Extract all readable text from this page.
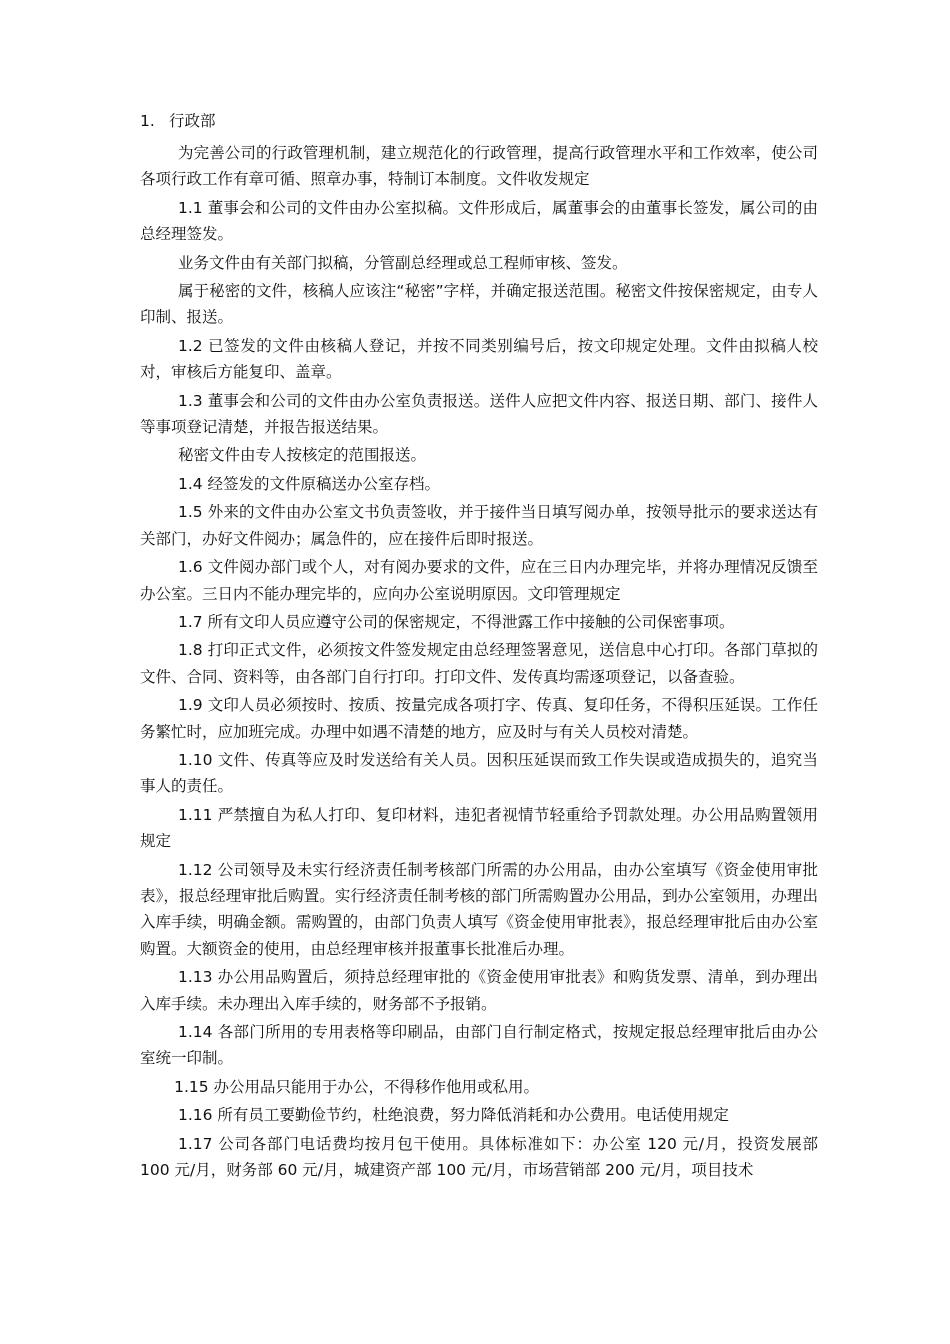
1. 行政部

为完善公司的行政管理机制，建立规范化的行政管理，提高行政管理水平和工作效率，使公司各项行政工作有章可循、照章办事，特制订本制度。文件收发规定

1.1 董事会和公司的文件由办公室拟稿。文件形成后，属董事会的由董事长签发，属公司的由总经理签发。

业务文件由有关部门拟稿，分管副总经理或总工程师审核、签发。

属于秘密的文件，核稿人应该注“秘密”字样，并确定报送范围。秘密文件按保密规定，由专人印制、报送。

1.2 已签发的文件由核稿人登记，并按不同类别编号后，按文印规定处理。文件由拟稿人校对，审核后方能复印、盖章。

1.3 董事会和公司的文件由办公室负责报送。送件人应把文件内容、报送日期、部门、接件人等事项登记清楚，并报告报送结果。

秘密文件由专人按核定的范围报送。

1.4 经签发的文件原稿送办公室存档。

1.5 外来的文件由办公室文书负责签收，并于接件当日填写阅办单，按领导批示的要求送达有关部门，办好文件阅办；属急件的，应在接件后即时报送。

1.6 文件阅办部门或个人，对有阅办要求的文件，应在三日内办理完毕，并将办理情况反馈至办公室。三日内不能办理完毕的，应向办公室说明原因。文印管理规定

1.7 所有文印人员应遵守公司的保密规定，不得泄露工作中接触的公司保密事项。

1.8 打印正式文件，必须按文件签发规定由总经理签署意见，送信息中心打印。各部门草拟的文件、合同、资料等，由各部门自行打印。打印文件、发传真均需逐项登记，以备查验。

1.9 文印人员必须按时、按质、按量完成各项打字、传真、复印任务，不得积压延误。工作任务繁忙时，应加班完成。办理中如遇不清楚的地方，应及时与有关人员校对清楚。

1.10 文件、传真等应及时发送给有关人员。因积压延误而致工作失误或造成损失的，追究当事人的责任。

1.11 严禁擅自为私人打印、复印材料，违犯者视情节轻重给予罚款处理。办公用品购置领用规定

1.12 公司领导及未实行经济责任制考核部门所需的办公用品，由办公室填写《资金使用审批表》，报总经理审批后购置。实行经济责任制考核的部门所需购置办公用品，到办公室领用，办理出入库手续，明确金额。需购置的，由部门负责人填写《资金使用审批表》，报总经理审批后由办公室购置。大额资金的使用，由总经理审核并报董事长批准后办理。

1.13 办公用品购置后，须持总经理审批的《资金使用审批表》和购货发票、清单，到办理出入库手续。未办理出入库手续的，财务部不予报销。

1.14 各部门所用的专用表格等印刷品，由部门自行制定格式，按规定报总经理审批后由办公室统一印制。

1.15 办公用品只能用于办公，不得移作他用或私用。

1.16 所有员工要勤俭节约，杜绝浪费，努力降低消耗和办公费用。电话使用规定

1.17 公司各部门电话费均按月包干使用。具体标准如下：办公室 120 元/月，投资发展部 100 元/月，财务部 60 元/月，城建资产部 100 元/月，市场营销部 200 元/月，项目技术
